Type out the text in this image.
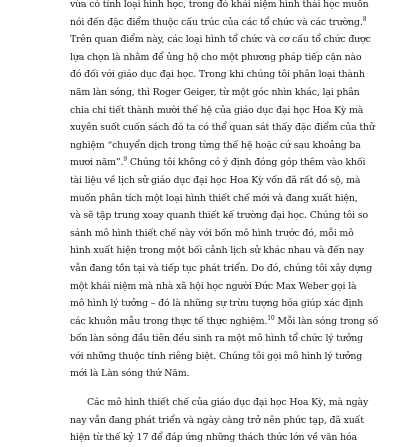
vừa có tính loại hình học, trong đó khái niệm hình thái học muốn
nói đến đặc điểm thuộc cấu trúc của các tổ chức và các trường.$^8$
Trên quan điểm này, các loại hình tổ chức và cơ cấu tổ chức được
lựa chọn là nhằm để ủng hộ cho một phương pháp tiếp cận nào
đó đối với giáo dục đại học. Trong khi chúng tôi phân loại thành
năm làn sóng, thì Roger Geiger, từ một góc nhìn khác, lại phân
chia chi tiết thành mười thế hệ của giáo dục đại học Hoa Kỳ mà
xuyên suốt cuốn sách đó ta có thể quan sát thấy đặc điểm của thử
nghiệm “chuyển dịch trong từng thế hệ hoặc cứ sau khoảng ba
mươi năm”.$^9$ Chúng tôi không có ý định đóng góp thêm vào khối
tài liệu về lịch sử giáo dục đại học Hoa Kỳ vốn đã rất đồ sộ, mà
muốn phân tích một loại hình thiết chế mới và đang xuất hiện,
và sẽ tập trung xoay quanh thiết kế trường đại học. Chúng tôi so
sánh mô hình thiết chế này với bốn mô hình trước đó, mỗi mô
hình xuất hiện trong một bối cảnh lịch sử khác nhau và đến nay
vẫn đang tồn tại và tiếp tục phát triển. Do đó, chúng tôi xây dựng
một khái niệm mà nhà xã hội học người Đức Max Weber gọi là
mô hình lý tưởng – đó là những sự trừu tượng hóa giúp xác định
các khuôn mẫu trong thực tế thực nghiệm.$^{10}$ Mỗi làn sóng trong số
bốn làn sóng đầu tiên đều sinh ra một mô hình tổ chức lý tưởng
với những thuộc tính riêng biệt. Chúng tôi gọi mô hình lý tưởng
mới là Làn sóng thứ Năm.
Các mô hình thiết chế của giáo dục đại học Hoa Kỳ, mà ngày
nay vẫn đang phát triển và ngày càng trở nên phức tạp, đã xuất
hiện từ thế kỷ 17 để đáp ứng những thách thức lớn về văn hóa
